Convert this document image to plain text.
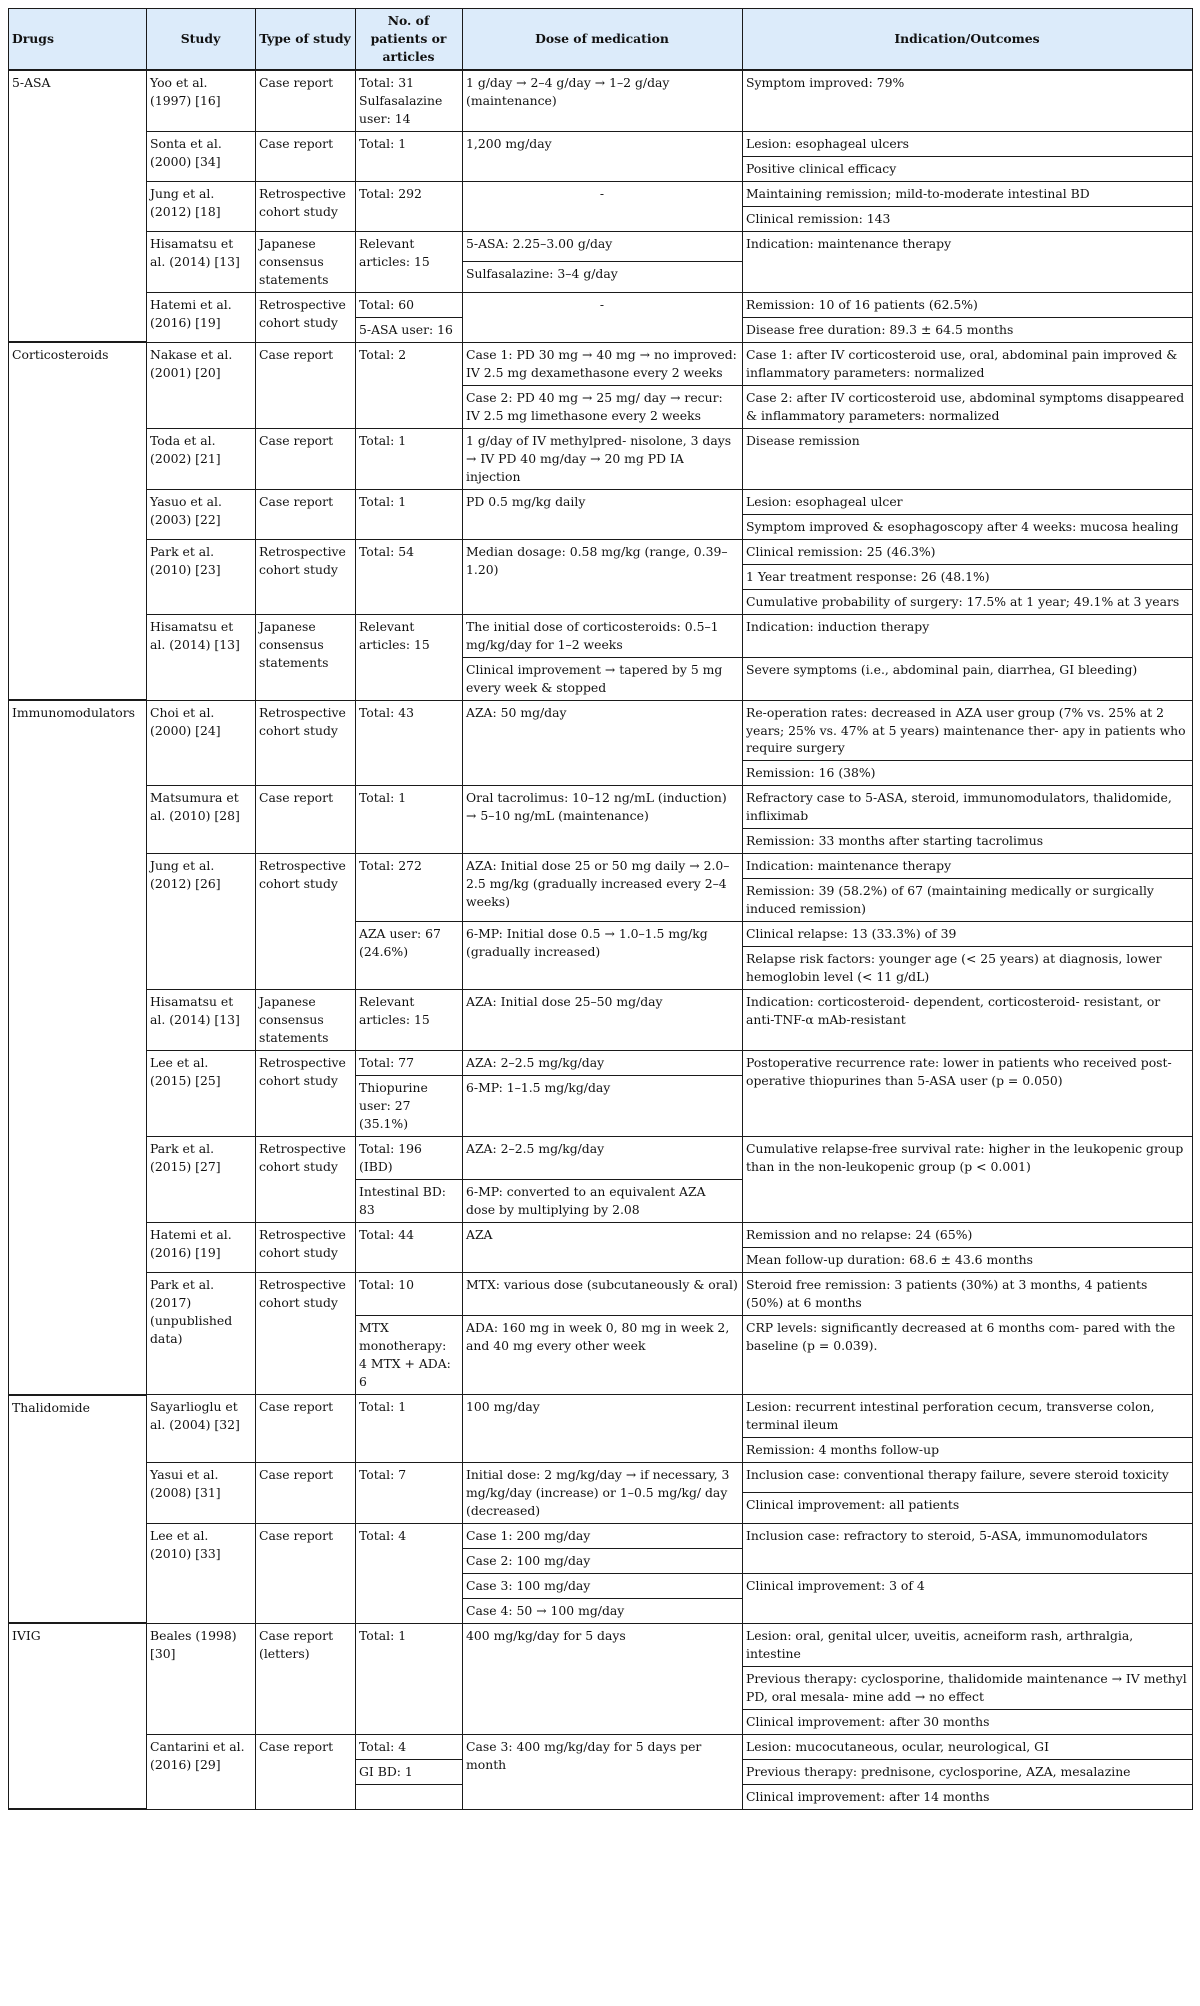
Drugs	Study	Type of study	No. of patients or articles	Dose of medication	Indication/Outcomes
5-ASA	Yoo et al. (1997) [16]	Case report	Total: 31 Sulfasalazine user: 14	1 g/day → 2–4 g/day → 1–2 g/day (maintenance)	Symptom improved: 79%
	Sonta et al. (2000) [34]	Case report	Total: 1	1,200 mg/day	Lesion: esophageal ulcers
					Positive clinical efficacy
	Jung et al. (2012) [18]	Retrospective cohort study	Total: 292	-	Maintaining remission; mild-to-moderate intestinal BD
					Clinical remission: 143
	Hisamatsu et al. (2014) [13]	Japanese consensus statements	Relevant articles: 15	5-ASA: 2.25–3.00 g/day	Indication: maintenance therapy
				Sulfasalazine: 3–4 g/day	
	Hatemi et al. (2016) [19]	Retrospective cohort study	Total: 60	-	Remission: 10 of 16 patients (62.5%)
			5-ASA user: 16		Disease free duration: 89.3 ± 64.5 months
Corticosteroids	Nakase et al. (2001) [20]	Case report	Total: 2	Case 1: PD 30 mg → 40 mg → no improved: IV 2.5 mg dexamethasone every 2 weeks	Case 1: after IV corticosteroid use, oral, abdominal pain improved & inflammatory parameters: normalized
				Case 2: PD 40 mg → 25 mg/ day → recur: IV 2.5 mg limethasone every 2 weeks	Case 2: after IV corticosteroid use, abdominal symptoms disappeared & inflammatory parameters: normalized
	Toda et al. (2002) [21]	Case report	Total: 1	1 g/day of IV methylpred- nisolone, 3 days → IV PD 40 mg/day → 20 mg PD IA injection	Disease remission
	Yasuo et al. (2003) [22]	Case report	Total: 1	PD 0.5 mg/kg daily	Lesion: esophageal ulcer
					Symptom improved & esophagoscopy after 4 weeks: mucosa healing
	Park et al. (2010) [23]	Retrospective cohort study	Total: 54	Median dosage: 0.58 mg/kg (range, 0.39–1.20)	Clinical remission: 25 (46.3%)
					1 Year treatment response: 26 (48.1%)
					Cumulative probability of surgery: 17.5% at 1 year; 49.1% at 3 years
	Hisamatsu et al. (2014) [13]	Japanese consensus statements	Relevant articles: 15	The initial dose of corticosteroids: 0.5–1 mg/kg/day for 1–2 weeks	Indication: induction therapy
				Clinical improvement → tapered by 5 mg every week & stopped	Severe symptoms (i.e., abdominal pain, diarrhea, GI bleeding)
Immunomodulators	Choi et al. (2000) [24]	Retrospective cohort study	Total: 43	AZA: 50 mg/day	Re-operation rates: decreased in AZA user group (7% vs. 25% at 2 years; 25% vs. 47% at 5 years) maintenance ther- apy in patients who require surgery
					Remission: 16 (38%)
	Matsumura et al. (2010) [28]	Case report	Total: 1	Oral tacrolimus: 10–12 ng/mL (induction) → 5–10 ng/mL (maintenance)	Refractory case to 5-ASA, steroid, immunomodulators, thalidomide, infliximab
					Remission: 33 months after starting tacrolimus
	Jung et al. (2012) [26]	Retrospective cohort study	Total: 272	AZA: Initial dose 25 or 50 mg daily → 2.0–2.5 mg/kg (gradually increased every 2–4 weeks)	Indication: maintenance therapy
					Remission: 39 (58.2%) of 67 (maintaining medically or surgically induced remission)
			AZA user: 67 (24.6%)	6-MP: Initial dose 0.5 → 1.0–1.5 mg/kg (gradually increased)	Clinical relapse: 13 (33.3%) of 39
					Relapse risk factors: younger age (< 25 years) at diagnosis, lower hemoglobin level (< 11 g/dL)
	Hisamatsu et al. (2014) [13]	Japanese consensus statements	Relevant articles: 15	AZA: Initial dose 25–50 mg/day	Indication: corticosteroid- dependent, corticosteroid- resistant, or anti-TNF-α mAb-resistant
	Lee et al. (2015) [25]	Retrospective cohort study	Total: 77	AZA: 2–2.5 mg/kg/day	Postoperative recurrence rate: lower in patients who received post-operative thiopurines than 5-ASA user (p = 0.050)
			Thiopurine user: 27 (35.1%)	6-MP: 1–1.5 mg/kg/day	
	Park et al. (2015) [27]	Retrospective cohort study	Total: 196 (IBD)	AZA: 2–2.5 mg/kg/day	Cumulative relapse-free survival rate: higher in the leukopenic group than in the non-leukopenic group (p < 0.001)
			Intestinal BD: 83	6-MP: converted to an equivalent AZA dose by multiplying by 2.08	
	Hatemi et al. (2016) [19]	Retrospective cohort study	Total: 44	AZA	Remission and no relapse: 24 (65%)
					Mean follow-up duration: 68.6 ± 43.6 months
	Park et al. (2017) (unpublished data)	Retrospective cohort study	Total: 10	MTX: various dose (subcutaneously & oral)	Steroid free remission: 3 patients (30%) at 3 months, 4 patients (50%) at 6 months
			MTX monotherapy: 4 MTX + ADA: 6	ADA: 160 mg in week 0, 80 mg in week 2, and 40 mg every other week	CRP levels: significantly decreased at 6 months com- pared with the baseline (p = 0.039).
Thalidomide	Sayarlioglu et al. (2004) [32]	Case report	Total: 1	100 mg/day	Lesion: recurrent intestinal perforation cecum, transverse colon, terminal ileum
					Remission: 4 months follow-up
	Yasui et al. (2008) [31]	Case report	Total: 7	Initial dose: 2 mg/kg/day → if necessary, 3 mg/kg/day (increase) or 1–0.5 mg/kg/ day (decreased)	Inclusion case: conventional therapy failure, severe steroid toxicity
					Clinical improvement: all patients
	Lee et al. (2010) [33]	Case report	Total: 4	Case 1: 200 mg/day	Inclusion case: refractory to steroid, 5-ASA, immunomodulators
				Case 2: 100 mg/day	
				Case 3: 100 mg/day	Clinical improvement: 3 of 4
				Case 4: 50 → 100 mg/day	
IVIG	Beales (1998) [30]	Case report (letters)	Total: 1	400 mg/kg/day for 5 days	Lesion: oral, genital ulcer, uveitis, acneiform rash, arthralgia, intestine
					Previous therapy: cyclosporine, thalidomide maintenance → IV methyl PD, oral mesala- mine add → no effect
					Clinical improvement: after 30 months
	Cantarini et al. (2016) [29]	Case report	Total: 4	Case 3: 400 mg/kg/day for 5 days per month	Lesion: mucocutaneous, ocular, neurological, GI
			GI BD: 1		Previous therapy: prednisone, cyclosporine, AZA, mesalazine
					Clinical improvement: after 14 months
